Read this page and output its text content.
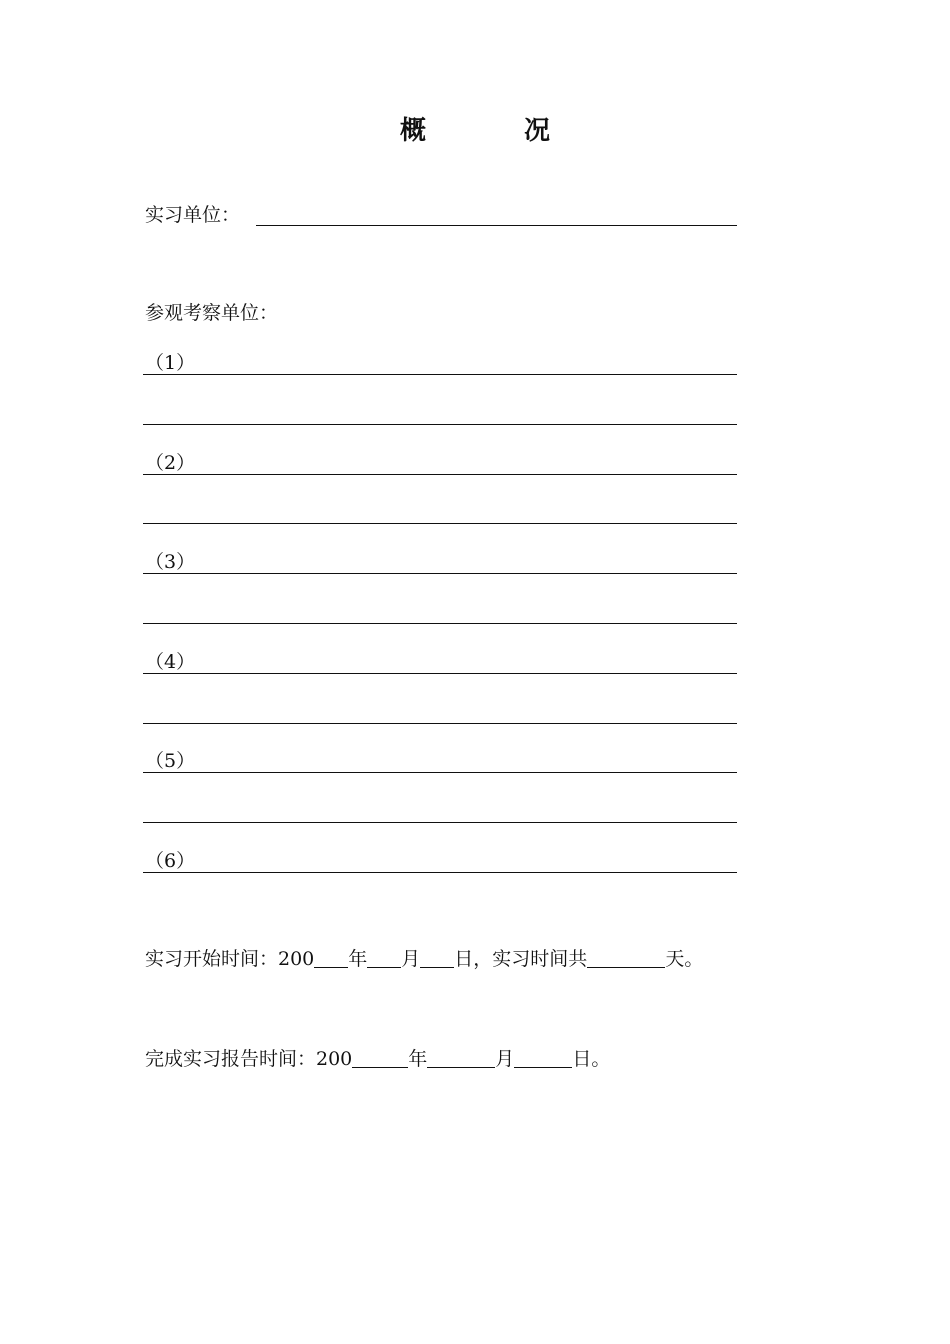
概　况
实习单位：
参观考察单位：
（1）
（2）
（3）
（4）
（5）
（6）
实习开始时间：200 年 月 日，实习时间共	天。
完成实习报告时间：200	年	月	日。
